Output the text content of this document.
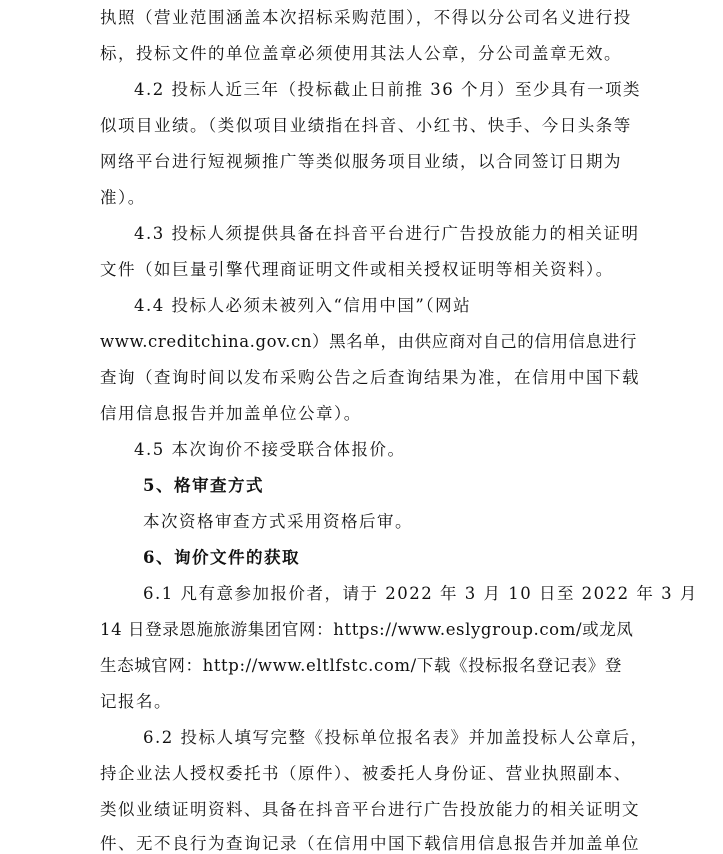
执照（营业范围涵盖本次招标采购范围），不得以分公司名义进行投
标，投标文件的单位盖章必须使用其法人公章，分公司盖章无效。
4.2 投标人近三年（投标截止日前推 36 个月）至少具有一项类
似项目业绩。（类似项目业绩指在抖音、小红书、快手、今日头条等
网络平台进行短视频推广等类似服务项目业绩，以合同签订日期为
准）。
4.3 投标人须提供具备在抖音平台进行广告投放能力的相关证明
文件（如巨量引擎代理商证明文件或相关授权证明等相关资料）。
4.4 投标人必须未被列入“信用中国”（网站
www.creditchina.gov.cn）黑名单，由供应商对自己的信用信息进行
查询（查询时间以发布采购公告之后查询结果为准，在信用中国下载
信用信息报告并加盖单位公章）。
4.5 本次询价不接受联合体报价。
5、格审查方式
本次资格审查方式采用资格后审。
6、询价文件的获取
6.1 凡有意参加报价者，请于 2022 年 3 月 10 日至 2022 年 3 月
14 日登录恩施旅游集团官网：https://www.eslygroup.com/或龙凤
生态城官网：http://www.eltlfstc.com/下载《投标报名登记表》登
记报名。
6.2 投标人填写完整《投标单位报名表》并加盖投标人公章后，
持企业法人授权委托书（原件）、被委托人身份证、营业执照副本、
类似业绩证明资料、具备在抖音平台进行广告投放能力的相关证明文
件、无不良行为查询记录（在信用中国下载信用信息报告并加盖单位
